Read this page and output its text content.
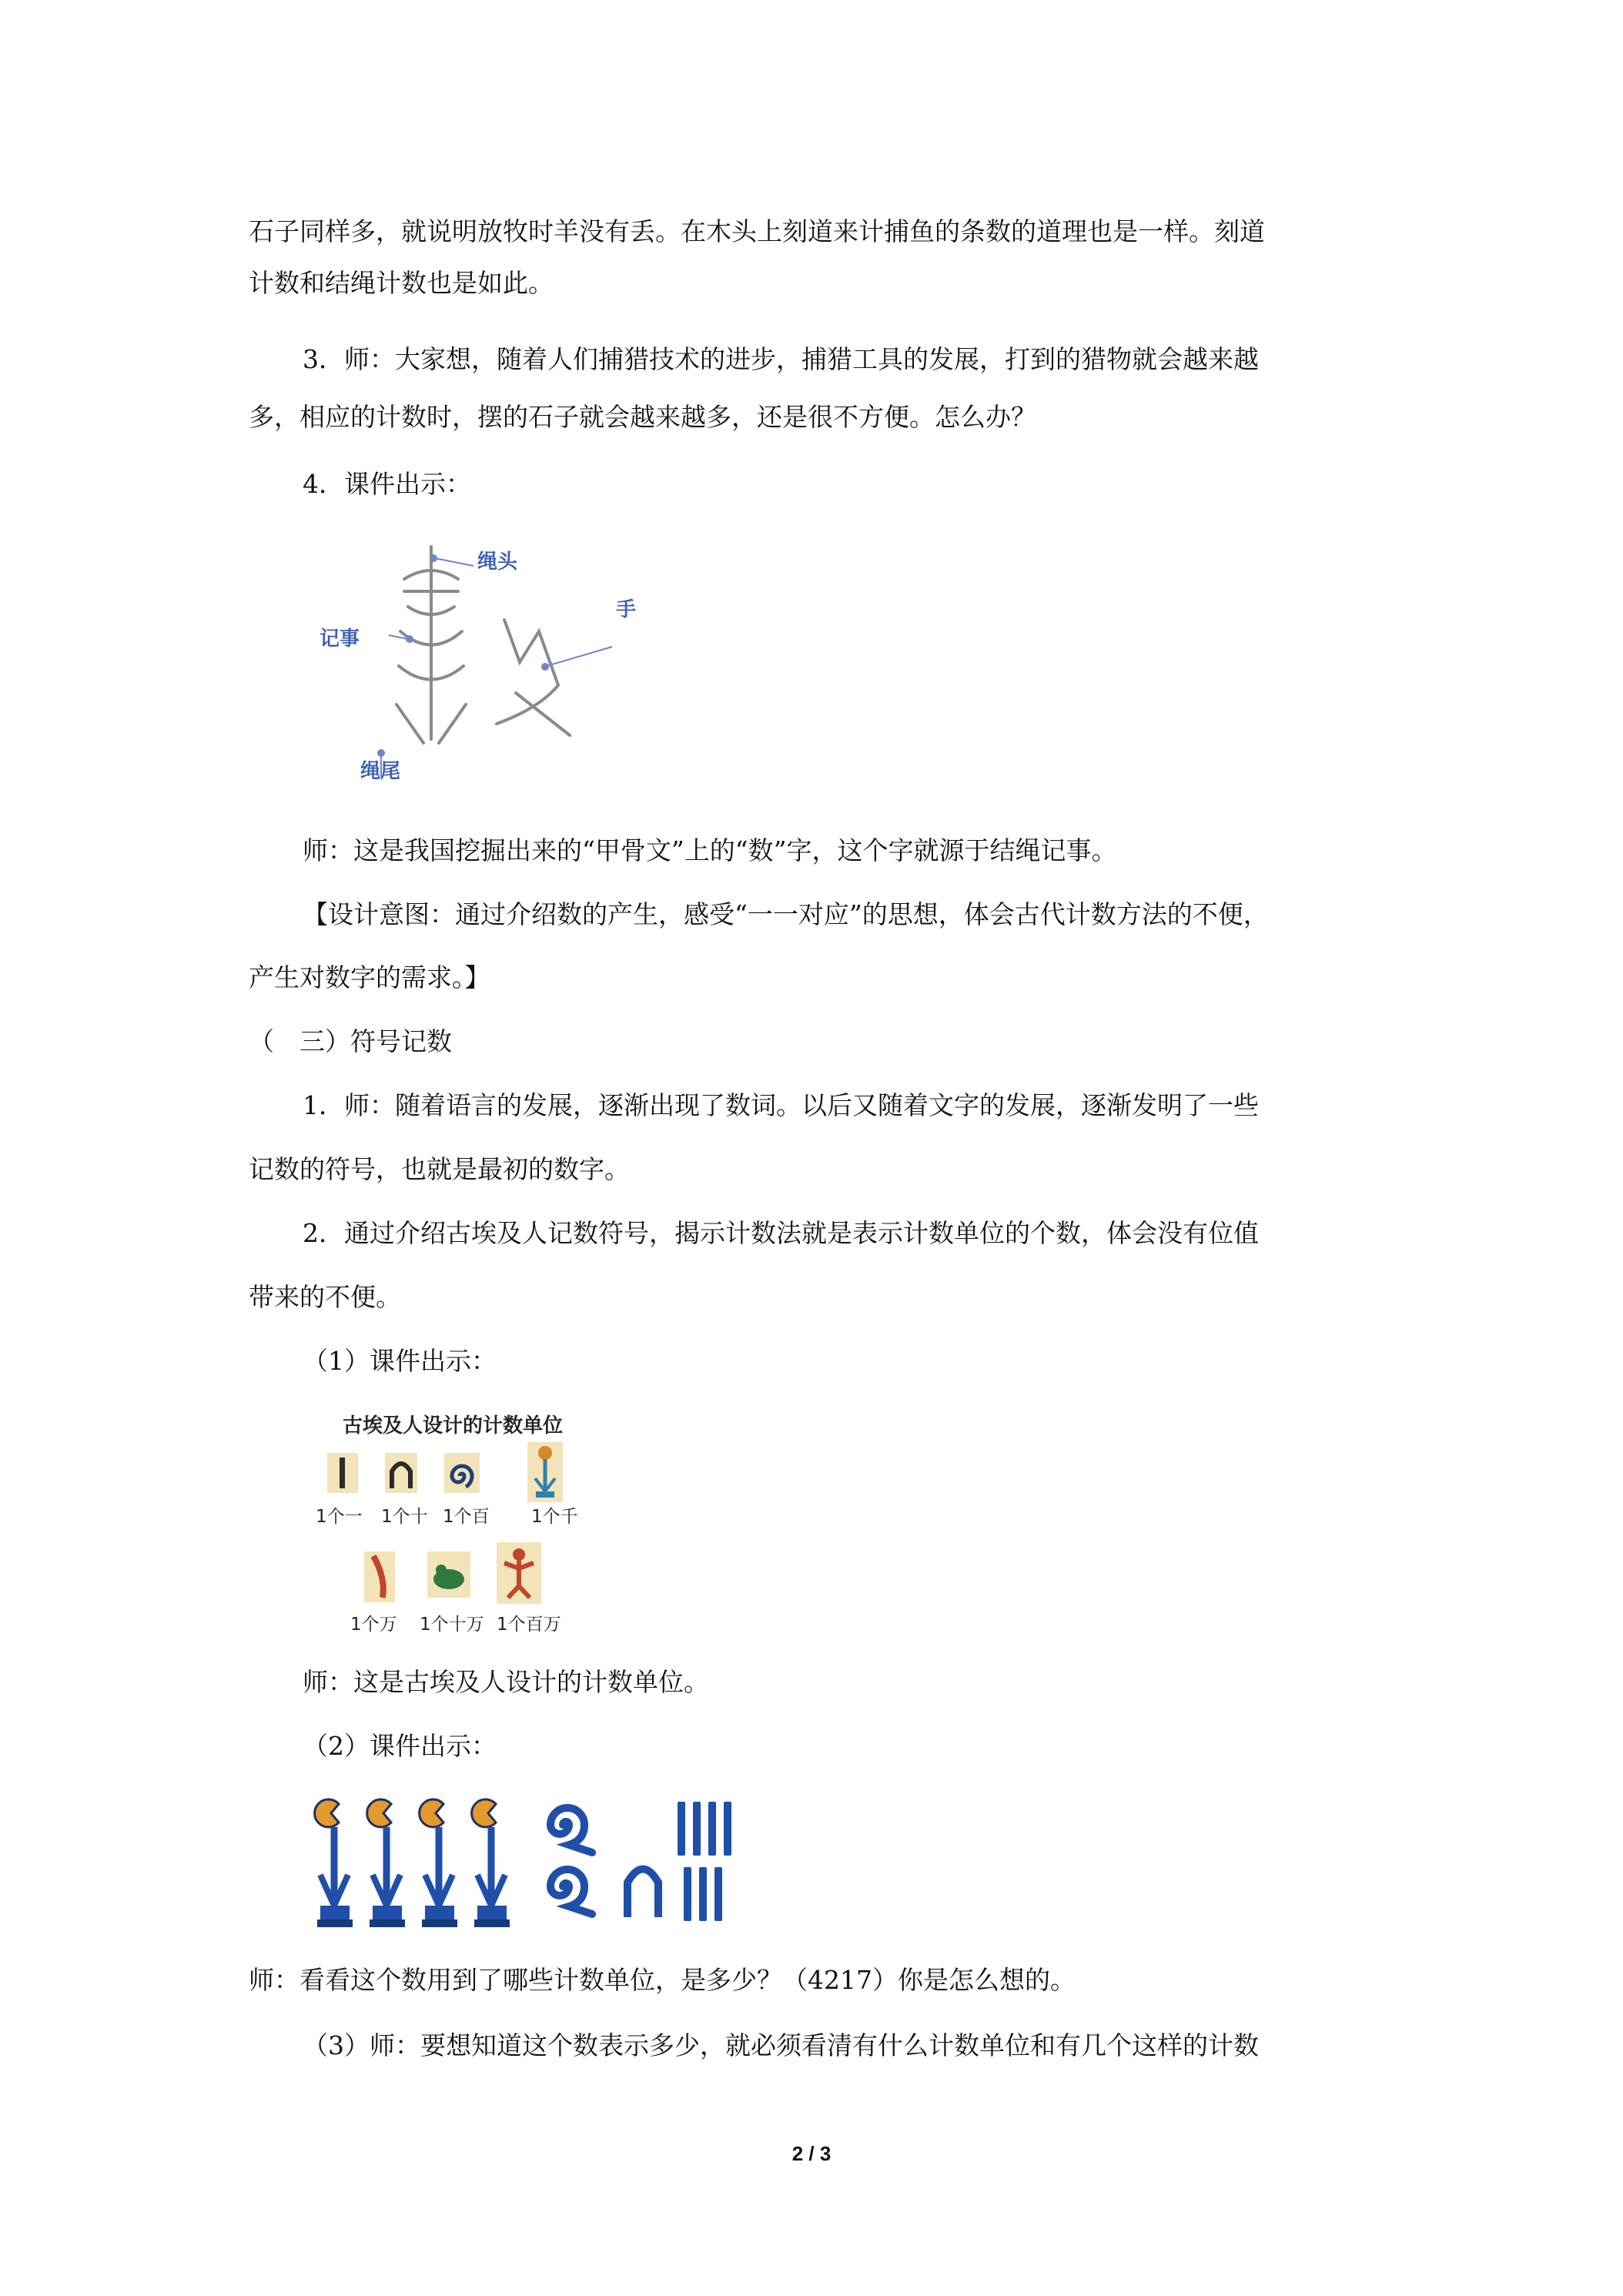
石子同样多，就说明放牧时羊没有丢。在木头上刻道来计捕鱼的条数的道理也是一样。刻道

计数和结绳计数也是如此。

3．师：大家想，随着人们捕猎技术的进步，捕猎工具的发展，打到的猎物就会越来越

多，相应的计数时，摆的石子就会越来越多，还是很不方便。怎么办？

4．课件出示：

绳头
记事
手
绳尾

师：这是我国挖掘出来的“甲骨文”上的“数”字，这个字就源于结绳记事。

【设计意图：通过介绍数的产生，感受“一一对应”的思想，体会古代计数方法的不便，

产生对数字的需求。】

（　三）符号记数

1．师：随着语言的发展，逐渐出现了数词。以后又随着文字的发展，逐渐发明了一些

记数的符号，也就是最初的数字。

2．通过介绍古埃及人记数符号，揭示计数法就是表示计数单位的个数，体会没有位值

带来的不便。

（1）课件出示：

古埃及人设计的计数单位
1个一 1个十 1个百 1个千
1个万 1个十万 1个百万

师：这是古埃及人设计的计数单位。

（2）课件出示：

师：看看这个数用到了哪些计数单位，是多少？（4217）你是怎么想的。

（3）师：要想知道这个数表示多少，就必须看清有什么计数单位和有几个这样的计数

2 / 3
